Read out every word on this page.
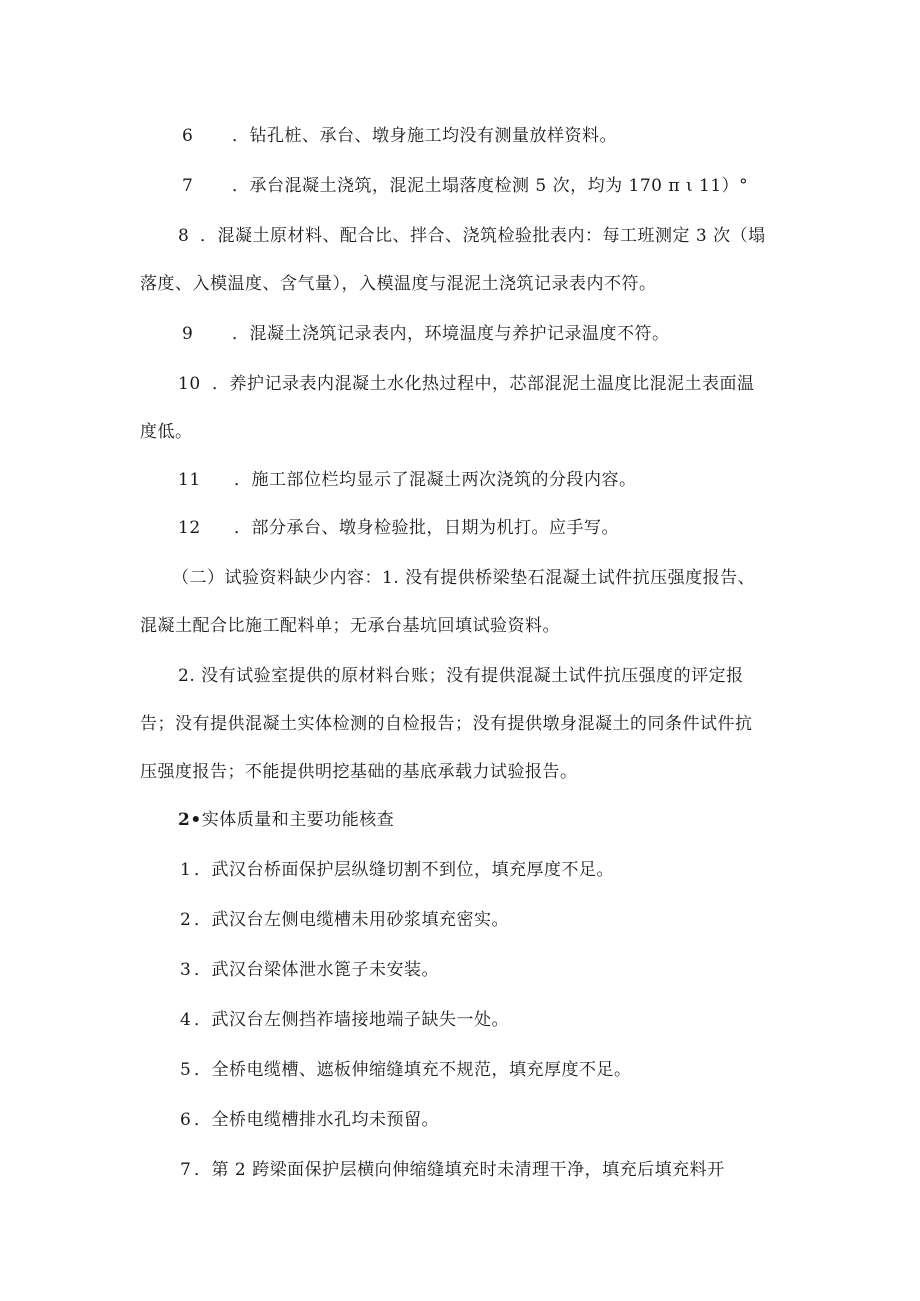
6 ．钻孔桩、承台、墩身施工均没有测量放样资料。
7 ．承台混凝土浇筑，混泥土塌落度检测 5 次，均为 170 π ι 11）°
8 ．混凝土原材料、配合比、拌合、浇筑检验批表内：每工班测定 3 次（塌
落度、入模温度、含气量），入模温度与混泥土浇筑记录表内不符。
9 ．混凝土浇筑记录表内，环境温度与养护记录温度不符。
10 ．养护记录表内混凝土水化热过程中，芯部混泥土温度比混泥土表面温
度低。
11 ．施工部位栏均显示了混凝土两次浇筑的分段内容。
12 ．部分承台、墩身检验批，日期为机打。应手写。
（二）试验资料缺少内容：1. 没有提供桥梁垫石混凝土试件抗压强度报告、
混凝土配合比施工配料单；无承台基坑回填试验资料。
2. 没有试验室提供的原材料台账；没有提供混凝土试件抗压强度的评定报
告；没有提供混凝土实体检测的自检报告；没有提供墩身混凝土的同条件试件抗
压强度报告；不能提供明挖基础的基底承载力试验报告。
2•实体质量和主要功能核查
1 ．武汉台桥面保护层纵缝切割不到位，填充厚度不足。
2 ．武汉台左侧电缆槽未用砂浆填充密实。
3 ．武汉台梁体泄水篦子未安装。
4 ．武汉台左侧挡祚墙接地端子缺失一处。
5 ．全桥电缆槽、遮板伸缩缝填充不规范，填充厚度不足。
6 ．全桥电缆槽排水孔均未预留。
7 ．第 2 跨梁面保护层横向伸缩缝填充时未清理干净，填充后填充料开
